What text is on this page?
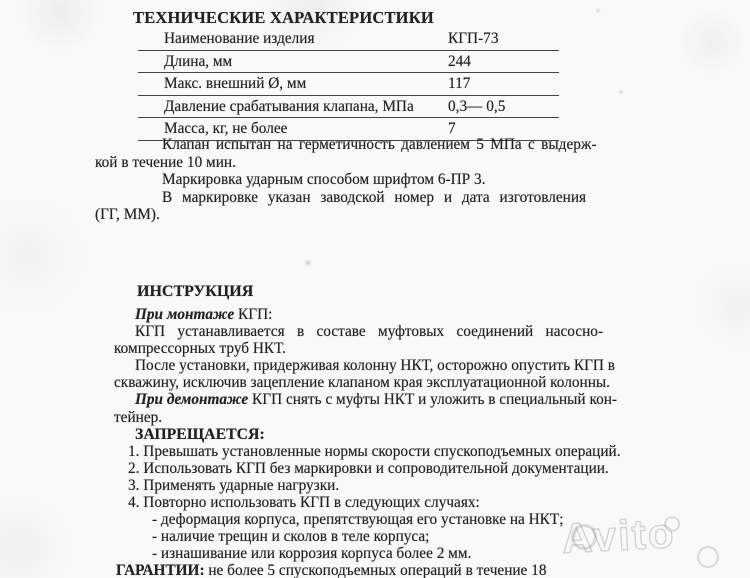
ТЕХНИЧЕСКИЕ ХАРАКТЕРИСТИКИ
Наименование изделия	КГП-73
Длина, мм	244
Макс. внешний Ø, мм	117
Давление срабатывания клапана, МПа 0,3— 0,5
Масса, кг, не более	7
Клапан испытан на герметичность давлением 5 МПа с выдерж-
кой в течение 10 мин.
Маркировка ударным способом шрифтом 6-ПР 3.
В маркировке указан заводской номер и дата изготовления
(ГГ, ММ).
ИНСТРУКЦИЯ
При монтаже КГП:
КГП устанавливается в составе муфтовых соединений насосно-
компрессорных труб НКТ.
После установки, придерживая колонну НКТ, осторожно опустить КГП в
скважину, исключив зацепление клапаном края эксплуатационной колонны.
При демонтаже КГП снять с муфты НКТ и уложить в специальный кон-
тейнер.
ЗАПРЕЩАЕТСЯ:
1. Превышать установленные нормы скорости спускоподъемных операций.
2. Использовать КГП без маркировки и сопроводительной документации.
3. Применять ударные нагрузки.
4. Повторно использовать КГП в следующих случаях:
- деформация корпуса, препятствующая его установке на НКТ;
- наличие трещин и сколов в теле корпуса;
- изнашивание или коррозия корпуса более 2 мм.
ГАРАНТИИ: не более 5 спускоподъемных операций в течение 18
Avito
